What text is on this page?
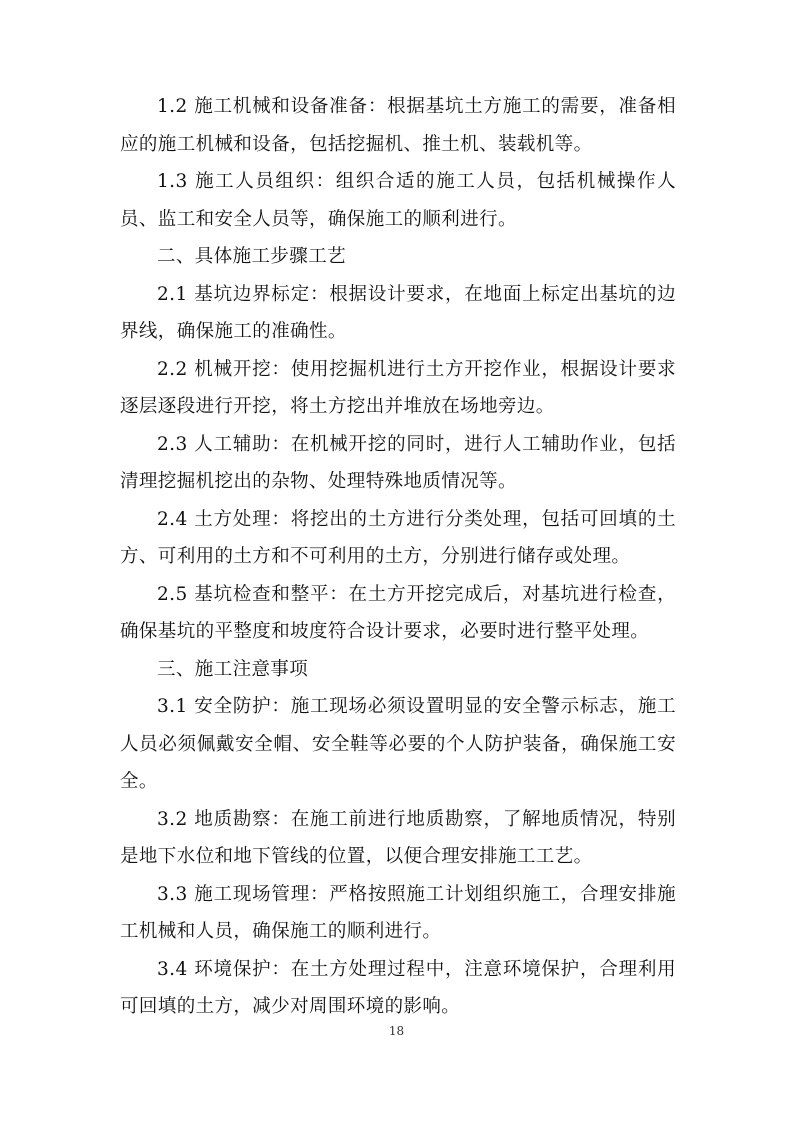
1.2 施工机械和设备准备：根据基坑土方施工的需要，准备相应的施工机械和设备，包括挖掘机、推土机、装载机等。

1.3 施工人员组织：组织合适的施工人员，包括机械操作人员、监工和安全人员等，确保施工的顺利进行。

二、具体施工步骤工艺

2.1 基坑边界标定：根据设计要求，在地面上标定出基坑的边界线，确保施工的准确性。

2.2 机械开挖：使用挖掘机进行土方开挖作业，根据设计要求逐层逐段进行开挖，将土方挖出并堆放在场地旁边。

2.3 人工辅助：在机械开挖的同时，进行人工辅助作业，包括清理挖掘机挖出的杂物、处理特殊地质情况等。

2.4 土方处理：将挖出的土方进行分类处理，包括可回填的土方、可利用的土方和不可利用的土方，分别进行储存或处理。

2.5 基坑检查和整平：在土方开挖完成后，对基坑进行检查，确保基坑的平整度和坡度符合设计要求，必要时进行整平处理。

三、施工注意事项

3.1 安全防护：施工现场必须设置明显的安全警示标志，施工人员必须佩戴安全帽、安全鞋等必要的个人防护装备，确保施工安全。

3.2 地质勘察：在施工前进行地质勘察，了解地质情况，特别是地下水位和地下管线的位置，以便合理安排施工工艺。

3.3 施工现场管理：严格按照施工计划组织施工，合理安排施工机械和人员，确保施工的顺利进行。

3.4 环境保护：在土方处理过程中，注意环境保护，合理利用可回填的土方，减少对周围环境的影响。

18
